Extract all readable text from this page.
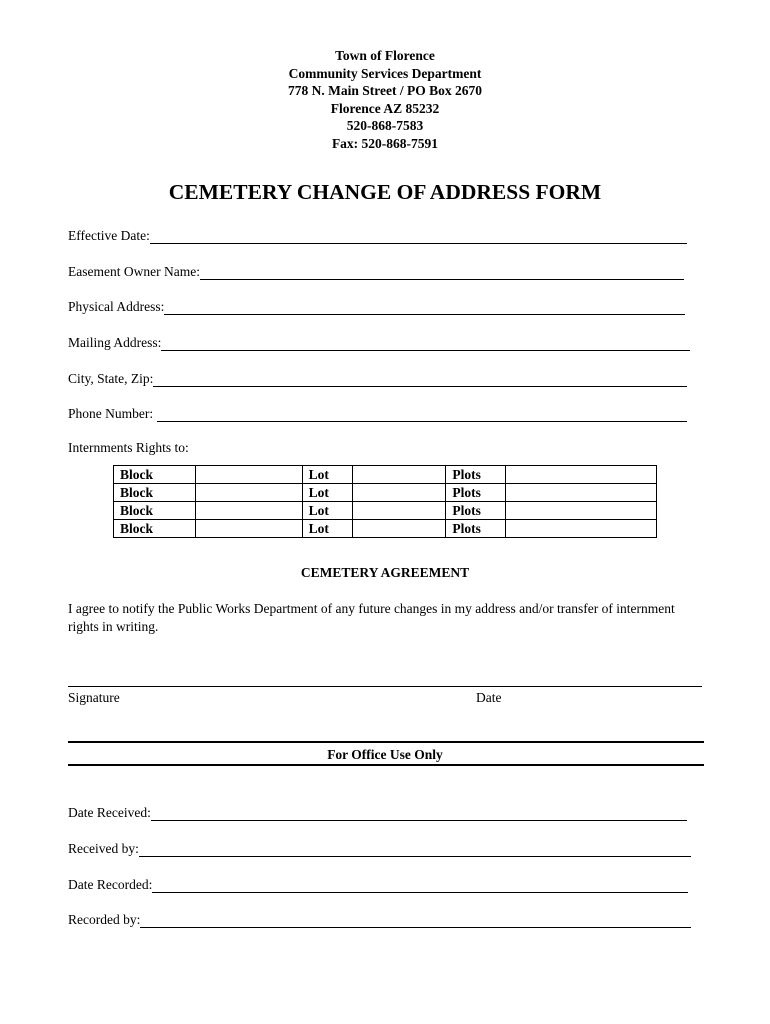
Town of Florence
Community Services Department
778 N. Main Street / PO Box 2670
Florence AZ 85232
520-868-7583
Fax: 520-868-7591
CEMETERY CHANGE OF ADDRESS FORM
Effective Date:
Easement Owner Name:
Physical Address:
Mailing Address:
City, State, Zip:
Phone Number:
Internments Rights to:
Block		Lot		Plots	
Block		Lot		Plots	
Block		Lot		Plots	
Block		Lot		Plots	
CEMETERY AGREEMENT
I agree to notify the Public Works Department of any future changes in my address and/or transfer of internment rights in writing.
Signature	Date
For Office Use Only
Date Received:
Received by:
Date Recorded:
Recorded by:
